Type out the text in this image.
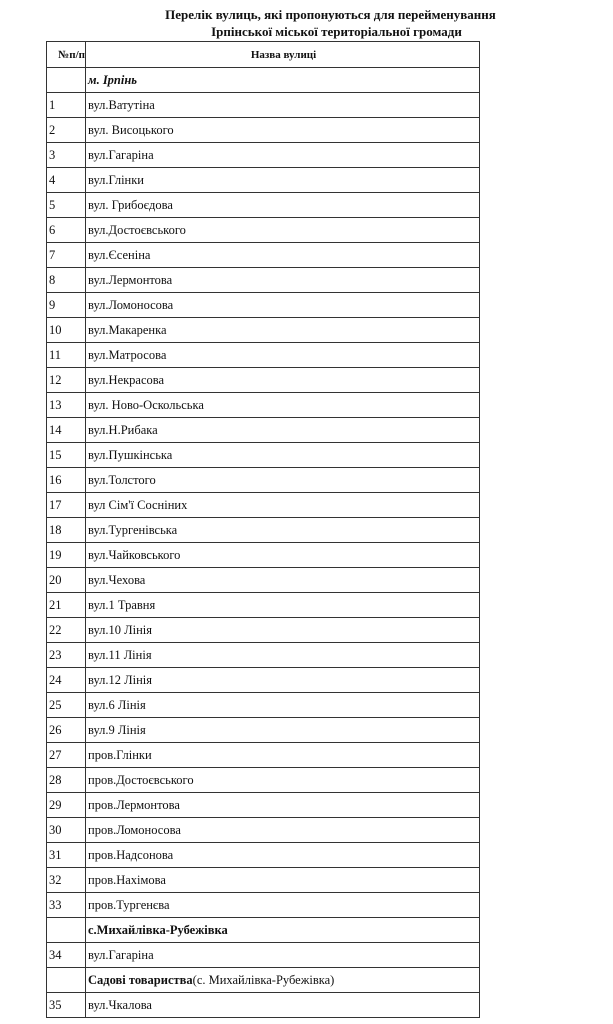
Перелік вулиць, які пропонуються для перейменування
Ірпінської міської територіальної громади
№п/п	Назва вулиці
	м. Ірпінь
1	вул.Ватутіна
2	вул. Висоцького
3	вул.Гагаріна
4	вул.Глінки
5	вул. Грибоєдова
6	вул.Достоєвського
7	вул.Єсеніна
8	вул.Лермонтова
9	вул.Ломоносова
10	вул.Макаренка
11	вул.Матросова
12	вул.Некрасова
13	вул. Ново-Оскольська
14	вул.Н.Рибака
15	вул.Пушкінська
16	вул.Толстого
17	вул Сім'ї Сосніних
18	вул.Тургенівська
19	вул.Чайковського
20	вул.Чехова
21	вул.1 Травня
22	вул.10 Лінія
23	вул.11 Лінія
24	вул.12 Лінія
25	вул.6 Лінія
26	вул.9 Лінія
27	пров.Глінки
28	пров.Достоєвського
29	пров.Лермонтова
30	пров.Ломоносова
31	пров.Надсонова
32	пров.Нахімова
33	пров.Тургенєва
	с.Михайлівка-Рубежівка
34	вул.Гагаріна
	Садові товариства(с. Михайлівка-Рубежівка)
35	вул.Чкалова
